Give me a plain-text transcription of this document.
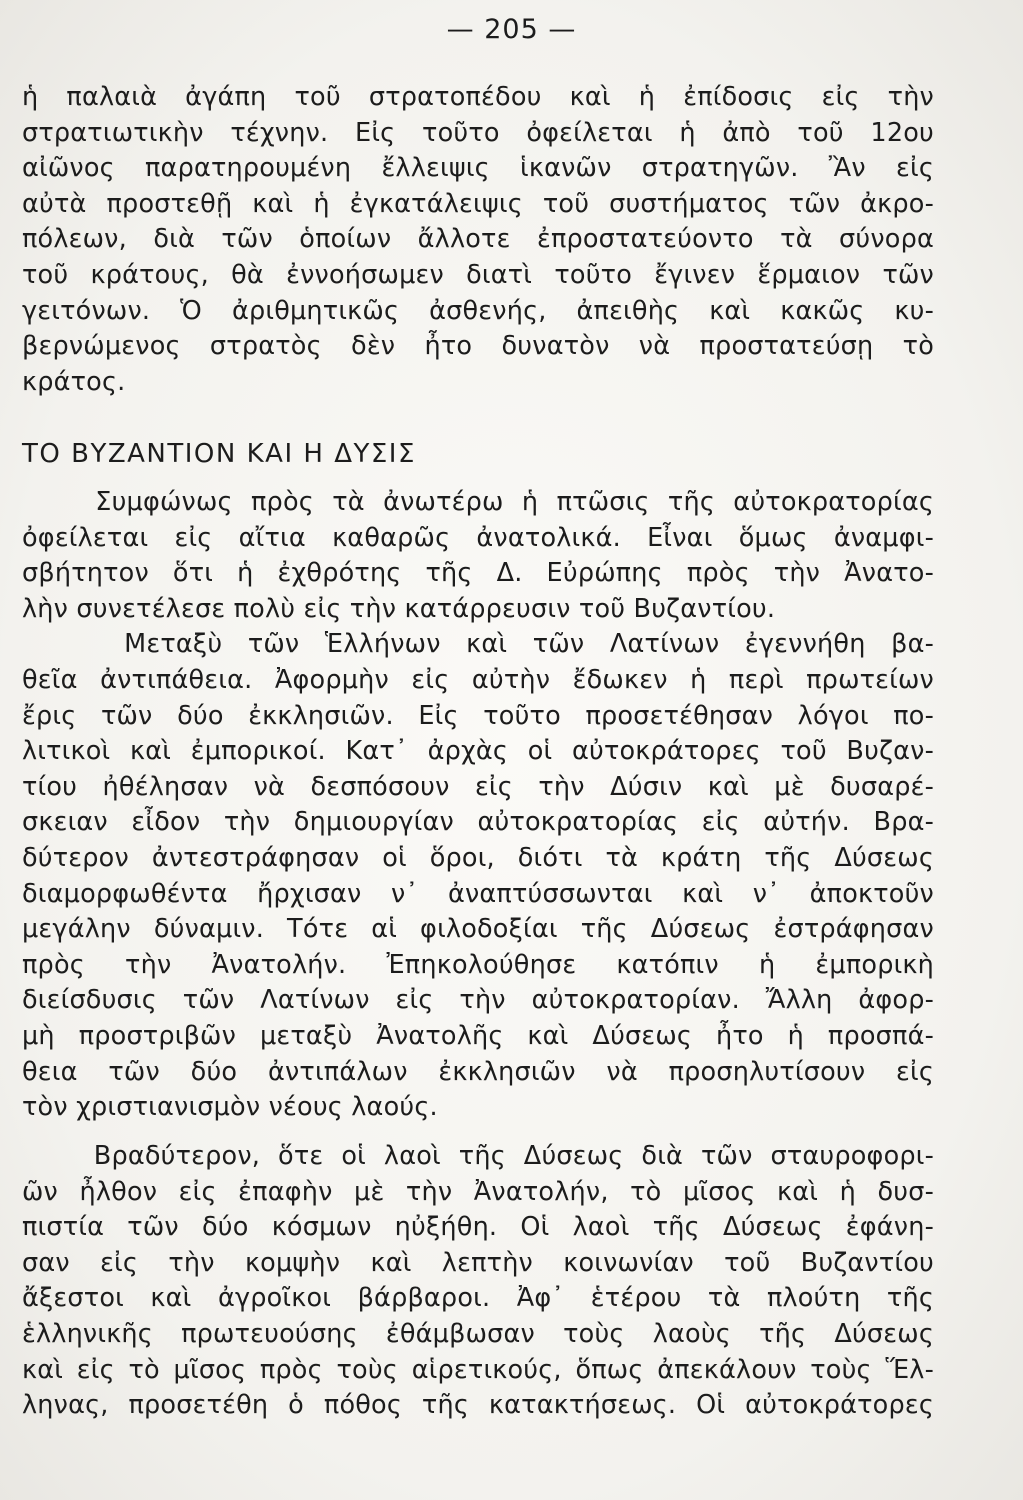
— 205 —
ἡ παλαιὰ ἀγάπη τοῦ στρατοπέδου καὶ ἡ ἐπίδοσις εἰς τὴν
στρατιωτικὴν τέχνην. Εἰς τοῦτο ὀφείλεται ἡ ἀπὸ τοῦ 12ου
αἰῶνος παρατηρουμένη ἔλλειψις ἱκανῶν στρατηγῶν. Ἂν εἰς
αὐτὰ προστεθῇ καὶ ἡ ἐγκατάλειψις τοῦ συστήματος τῶν ἀκρο-
πόλεων, διὰ τῶν ὁποίων ἄλλοτε ἐπροστατεύοντο τὰ σύνορα
τοῦ κράτους, θὰ ἐννοήσωμεν διατὶ τοῦτο ἔγινεν ἕρμαιον τῶν
γειτόνων. Ὁ ἀριθμητικῶς ἀσθενής, ἀπειθὴς καὶ κακῶς κυ-
βερνώμενος στρατὸς δὲν ἦτο δυνατὸν νὰ προστατεύσῃ τὸ
κράτος.
ΤΟ ΒΥΖΑΝΤΙΟΝ ΚΑΙ Η ΔΥΣΙΣ
Συμφώνως πρὸς τὰ ἀνωτέρω ἡ πτῶσις τῆς αὐτοκρατορίας
ὀφείλεται εἰς αἴτια καθαρῶς ἀνατολικά. Εἶναι ὅμως ἀναμφι-
σβήτητον ὅτι ἡ ἐχθρότης τῆς Δ. Εὐρώπης πρὸς τὴν Ἀνατο-
λὴν συνετέλεσε πολὺ εἰς τὴν κατάρρευσιν τοῦ Βυζαντίου.
Μεταξὺ τῶν Ἑλλήνων καὶ τῶν Λατίνων ἐγεννήθη βα-
θεῖα ἀντιπάθεια. Ἀφορμὴν εἰς αὐτὴν ἔδωκεν ἡ περὶ πρωτείων
ἔρις τῶν δύο ἐκκλησιῶν. Εἰς τοῦτο προσετέθησαν λόγοι πο-
λιτικοὶ καὶ ἐμπορικοί. Κατ᾽ ἀρχὰς οἱ αὐτοκράτορες τοῦ Βυζαν-
τίου ἠθέλησαν νὰ δεσπόσουν εἰς τὴν Δύσιν καὶ μὲ δυσαρέ-
σκειαν εἶδον τὴν δημιουργίαν αὐτοκρατορίας εἰς αὐτήν. Βρα-
δύτερον ἀντεστράφησαν οἱ ὅροι, διότι τὰ κράτη τῆς Δύσεως
διαμορφωθέντα ἤρχισαν ν᾽ ἀναπτύσσωνται καὶ ν᾽ ἀποκτοῦν
μεγάλην δύναμιν. Τότε αἱ φιλοδοξίαι τῆς Δύσεως ἐστράφησαν
πρὸς τὴν Ἀνατολήν. Ἐπηκολούθησε κατόπιν ἡ ἐμπορικὴ
διείσδυσις τῶν Λατίνων εἰς τὴν αὐτοκρατορίαν. Ἄλλη ἀφορ-
μὴ προστριβῶν μεταξὺ Ἀνατολῆς καὶ Δύσεως ἦτο ἡ προσπά-
θεια τῶν δύο ἀντιπάλων ἐκκλησιῶν νὰ προσηλυτίσουν εἰς
τὸν χριστιανισμὸν νέους λαούς.
Βραδύτερον, ὅτε οἱ λαοὶ τῆς Δύσεως διὰ τῶν σταυροφορι-
ῶν ἦλθον εἰς ἐπαφὴν μὲ τὴν Ἀνατολήν, τὸ μῖσος καὶ ἡ δυσ-
πιστία τῶν δύο κόσμων ηὐξήθη. Οἱ λαοὶ τῆς Δύσεως ἐφάνη-
σαν εἰς τὴν κομψὴν καὶ λεπτὴν κοινωνίαν τοῦ Βυζαντίου
ἄξεστοι καὶ ἀγροῖκοι βάρβαροι. Ἀφ᾽ ἑτέρου τὰ πλούτη τῆς
ἑλληνικῆς πρωτευούσης ἐθάμβωσαν τοὺς λαοὺς τῆς Δύσεως
καὶ εἰς τὸ μῖσος πρὸς τοὺς αἱρετικούς, ὅπως ἀπεκάλουν τοὺς Ἕλ-
ληνας, προσετέθη ὁ πόθος τῆς κατακτήσεως. Οἱ αὐτοκράτορες
